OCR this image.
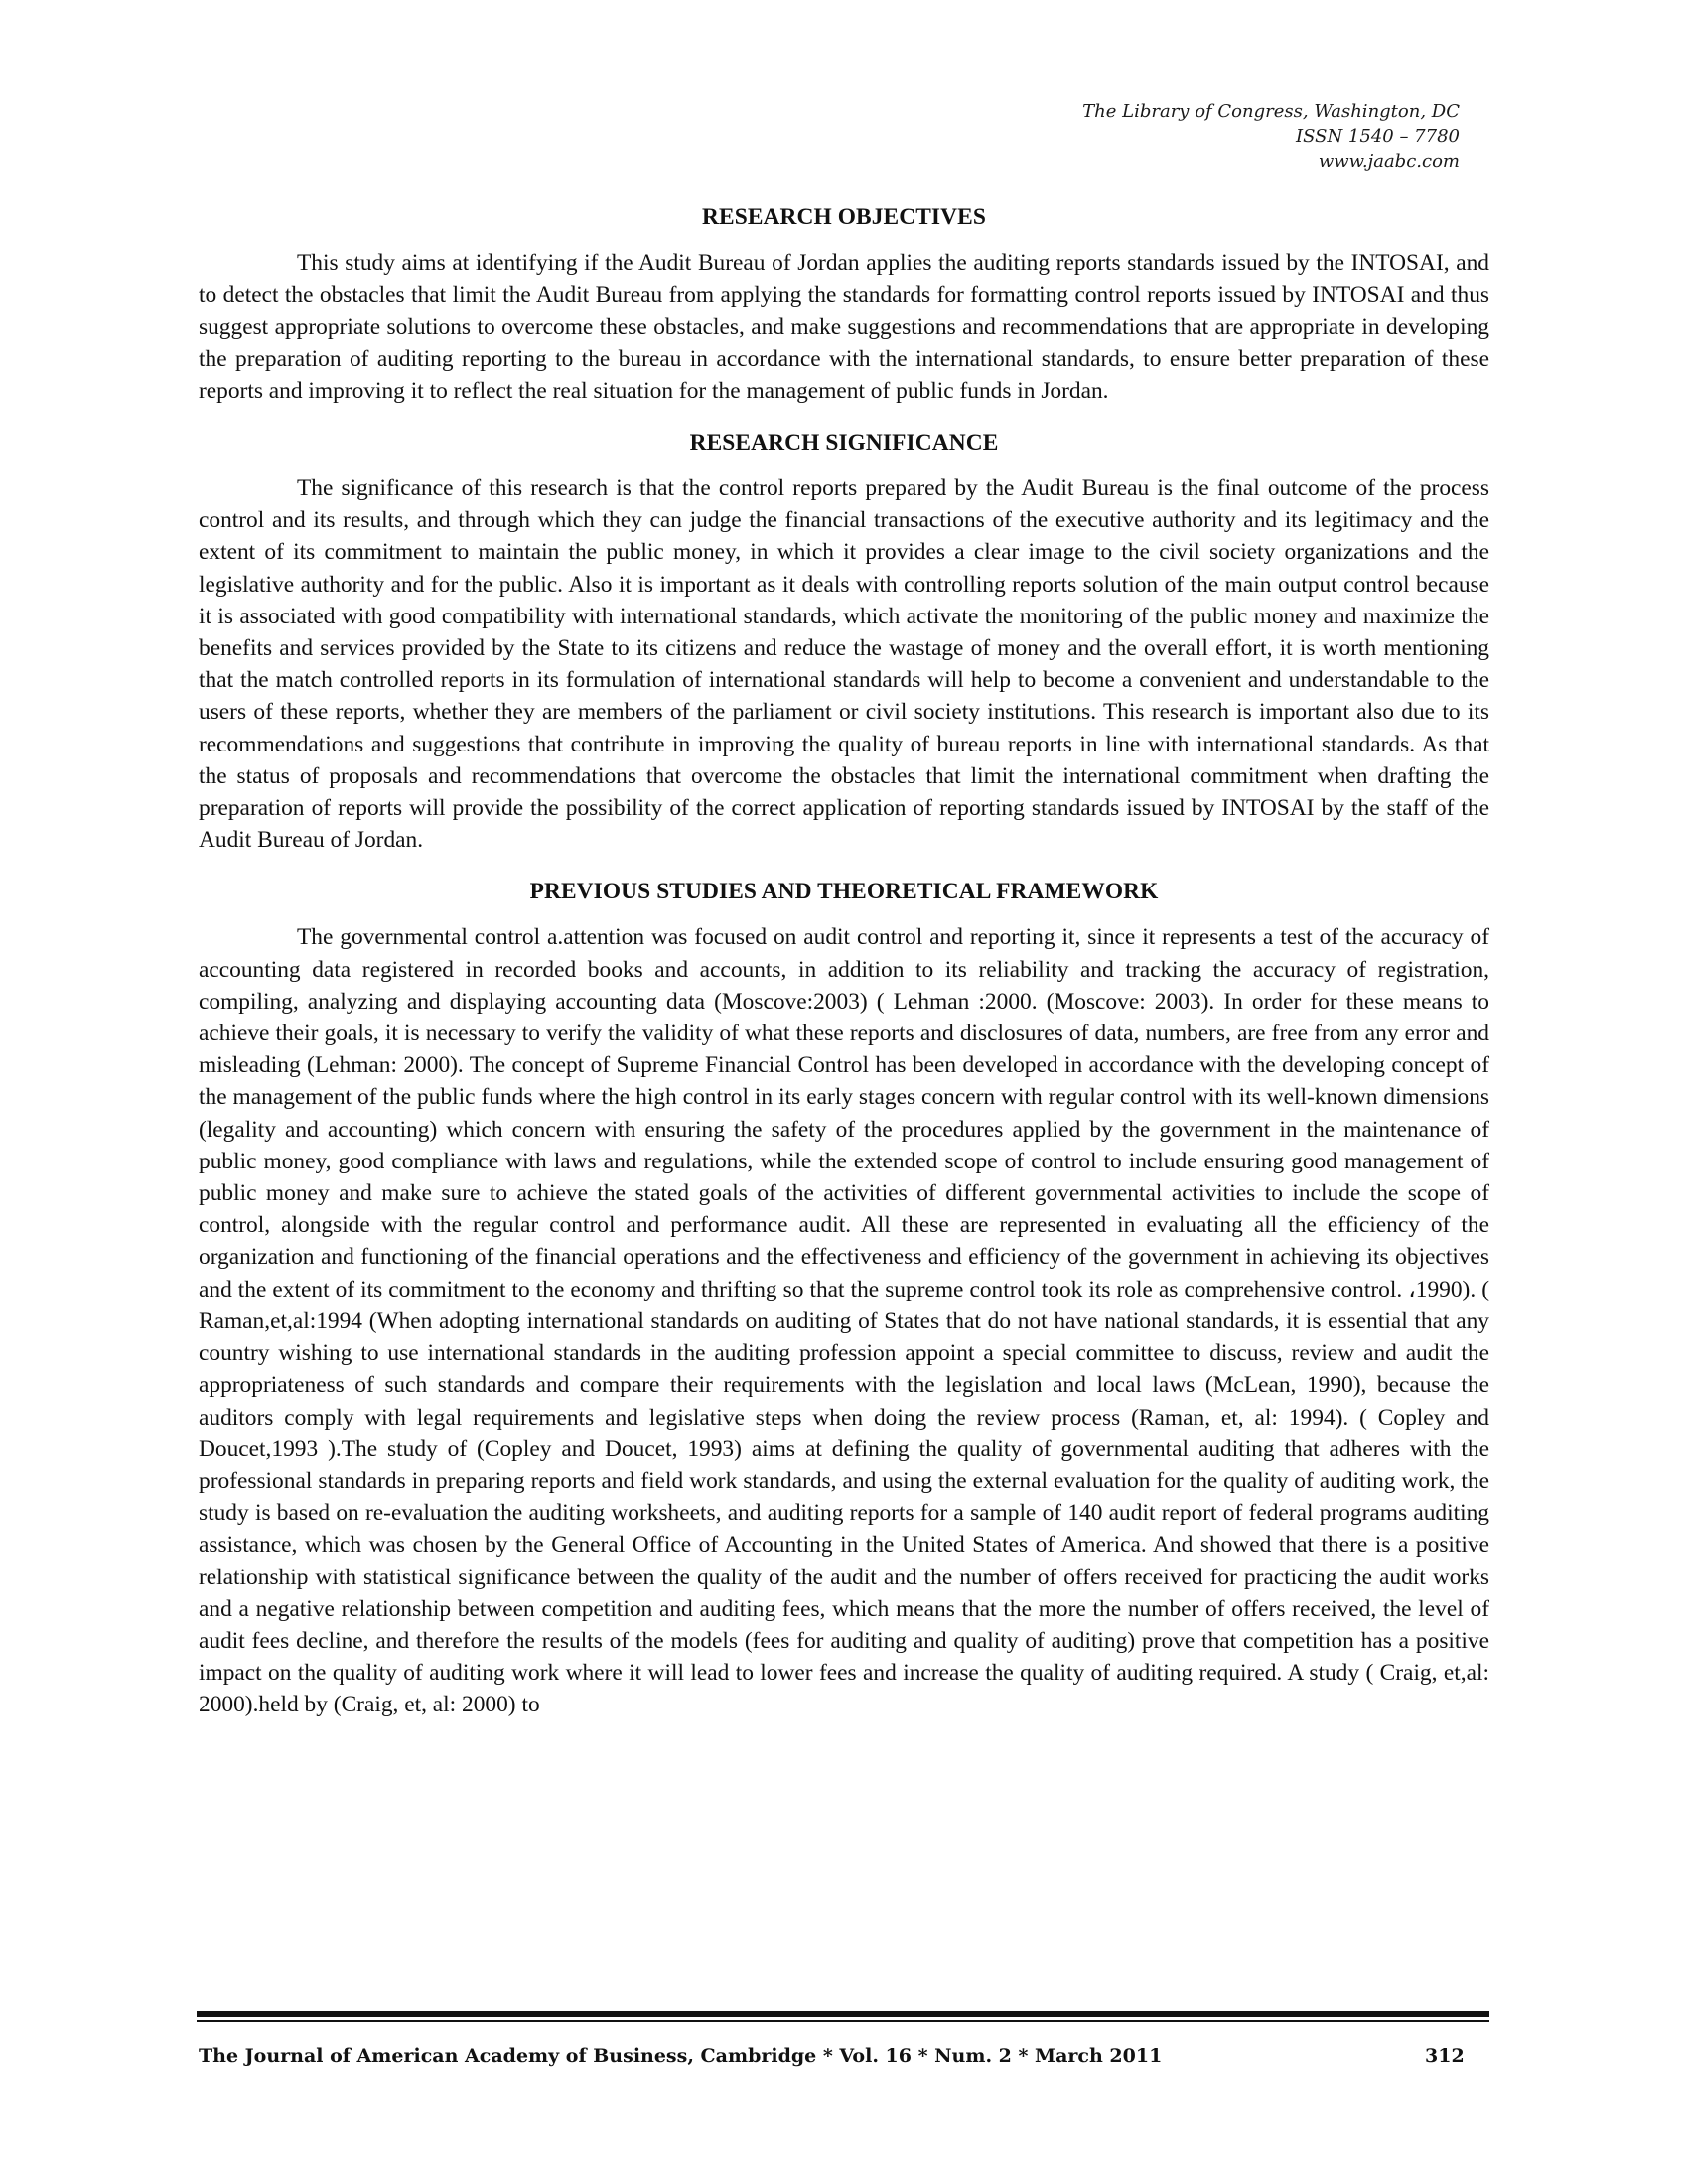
The Library of Congress, Washington, DC
ISSN 1540 – 7780
www.jaabc.com
RESEARCH OBJECTIVES

This study aims at identifying if the Audit Bureau of Jordan applies the auditing reports standards issued by the INTOSAI, and to detect the obstacles that limit the Audit Bureau from applying the standards for formatting control reports issued by INTOSAI and thus suggest appropriate solutions to overcome these obstacles, and make suggestions and recommendations that are appropriate in developing the preparation of auditing reporting to the bureau in accordance with the international standards, to ensure better preparation of these reports and improving it to reflect the real situation for the management of public funds in Jordan.

RESEARCH SIGNIFICANCE

The significance of this research is that the control reports prepared by the Audit Bureau is the final outcome of the process control and its results, and through which they can judge the financial transactions of the executive authority and its legitimacy and the extent of its commitment to maintain the public money, in which it provides a clear image to the civil society organizations and the legislative authority and for the public. Also it is important as it deals with controlling reports solution of the main output control because it is associated with good compatibility with international standards, which activate the monitoring of the public money and maximize the benefits and services provided by the State to its citizens and reduce the wastage of money and the overall effort, it is worth mentioning that the match controlled reports in its formulation of international standards will help to become a convenient and understandable to the users of these reports, whether they are members of the parliament or civil society institutions. This research is important also due to its recommendations and suggestions that contribute in improving the quality of bureau reports in line with international standards. As that the status of proposals and recommendations that overcome the obstacles that limit the international commitment when drafting the preparation of reports will provide the possibility of the correct application of reporting standards issued by INTOSAI by the staff of the Audit Bureau of Jordan.

PREVIOUS STUDIES AND THEORETICAL FRAMEWORK

The governmental control a.attention was focused on audit control and reporting it, since it represents a test of the accuracy of accounting data registered in recorded books and accounts, in addition to its reliability and tracking the accuracy of registration, compiling, analyzing and displaying accounting data (Moscove:2003) ( Lehman :2000. (Moscove: 2003). In order for these means to achieve their goals, it is necessary to verify the validity of what these reports and disclosures of data, numbers, are free from any error and misleading (Lehman: 2000). The concept of Supreme Financial Control has been developed in accordance with the developing concept of the management of the public funds where the high control in its early stages concern with regular control with its well-known dimensions (legality and accounting) which concern with ensuring the safety of the procedures applied by the government in the maintenance of public money, good compliance with laws and regulations, while the extended scope of control to include ensuring good management of public money and make sure to achieve the stated goals of the activities of different governmental activities to include the scope of control, alongside with the regular control and performance audit. All these are represented in evaluating all the efficiency of the organization and functioning of the financial operations and the effectiveness and efficiency of the government in achieving its objectives and the extent of its commitment to the economy and thrifting so that the supreme control took its role as comprehensive control. ،1990). ( Raman,et,al:1994 (When adopting international standards on auditing of States that do not have national standards, it is essential that any country wishing to use international standards in the auditing profession appoint a special committee to discuss, review and audit the appropriateness of such standards and compare their requirements with the legislation and local laws (McLean, 1990), because the auditors comply with legal requirements and legislative steps when doing the review process (Raman, et, al: 1994). ( Copley and Doucet,1993 ).The study of (Copley and Doucet, 1993) aims at defining the quality of governmental auditing that adheres with the professional standards in preparing reports and field work standards, and using the external evaluation for the quality of auditing work, the study is based on re-evaluation the auditing worksheets, and auditing reports for a sample of 140 audit report of federal programs auditing assistance, which was chosen by the General Office of Accounting in the United States of America. And showed that there is a positive relationship with statistical significance between the quality of the audit and the number of offers received for practicing the audit works and a negative relationship between competition and auditing fees, which means that the more the number of offers received, the level of audit fees decline, and therefore the results of the models (fees for auditing and quality of auditing) prove that competition has a positive impact on the quality of auditing work where it will lead to lower fees and increase the quality of auditing required. A study ( Craig, et,al: 2000).held by (Craig, et, al: 2000) to

The Journal of American Academy of Business, Cambridge * Vol. 16 * Num. 2 * March 2011	312
